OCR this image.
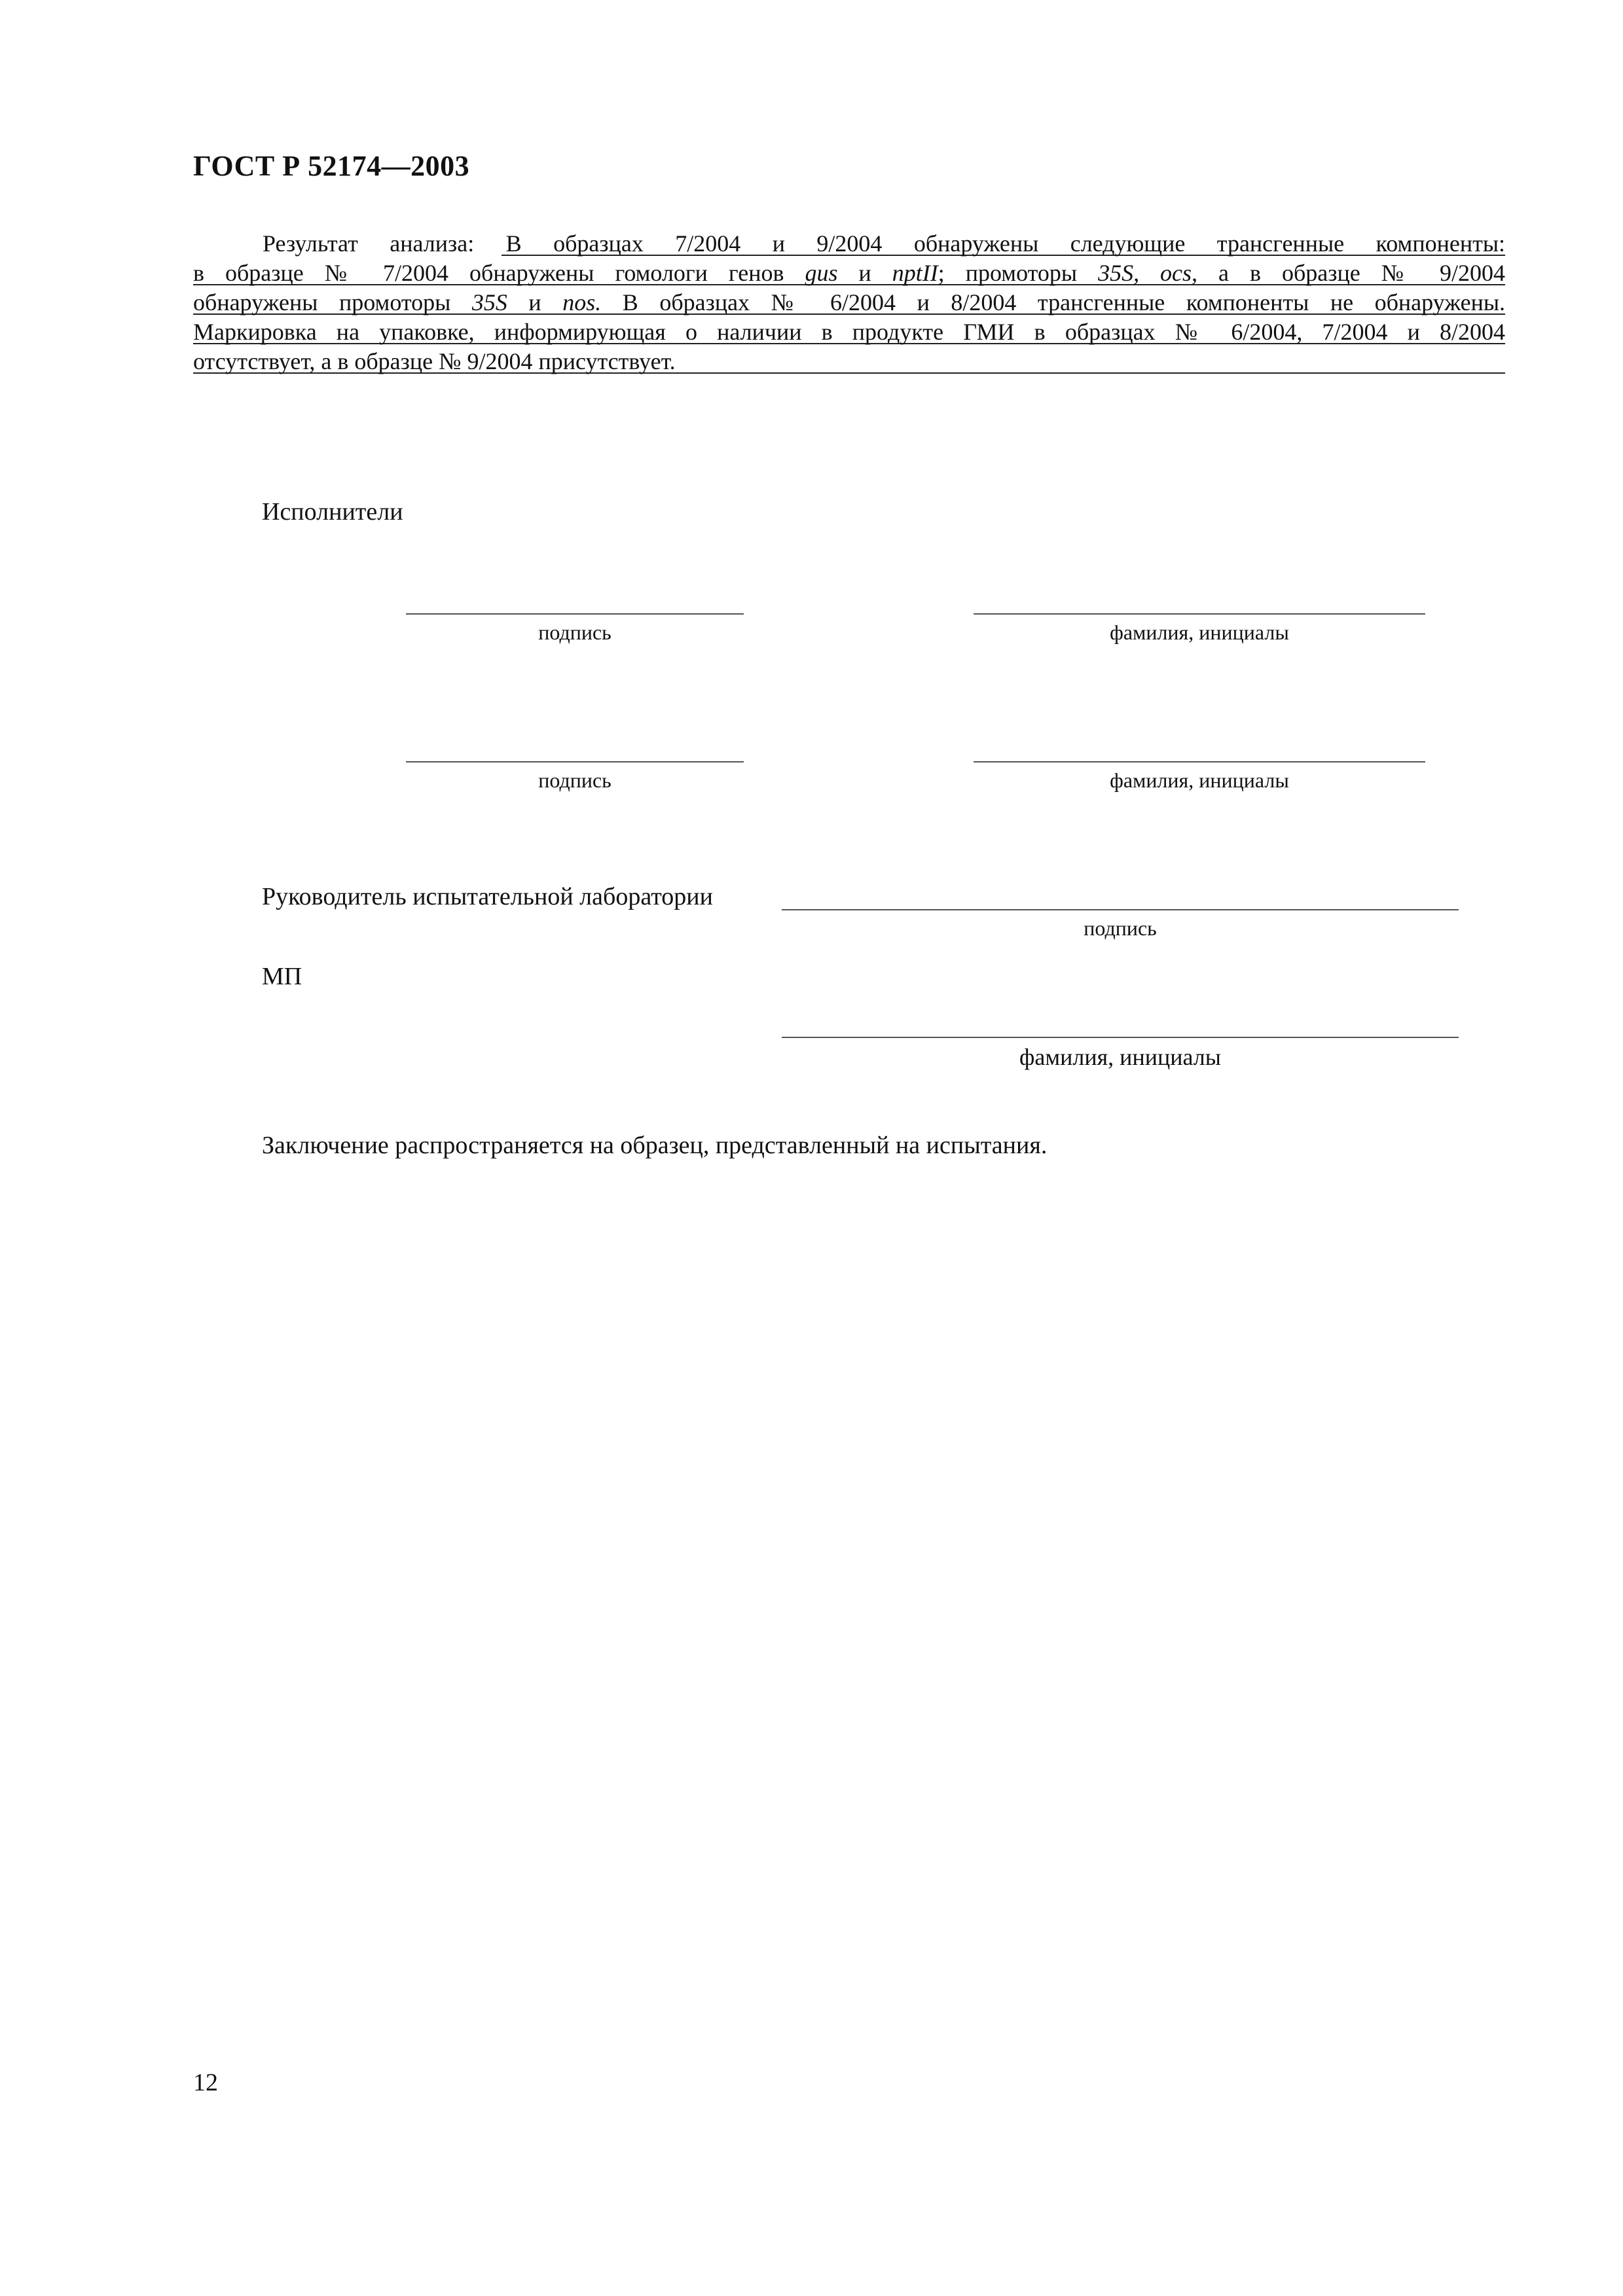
ГОСТ Р 52174—2003
Результат анализа: В образцах 7/2004 и 9/2004 обнаружены следующие трансгенные компоненты:
в образце № 7/2004 обнаружены гомологи генов gus и nptII; промоторы 35S, ocs, а в образце № 9/2004
обнаружены промоторы 35S и nos. В образцах № 6/2004 и 8/2004 трансгенные компоненты не обнаружены.
Маркировка на упаковке, информирующая о наличии в продукте ГМИ в образцах № 6/2004, 7/2004 и 8/2004
отсутствует, а в образце № 9/2004 присутствует.
Исполнители
подпись	фамилия, инициалы
подпись	фамилия, инициалы
Руководитель испытательной лаборатории
подпись
МП
фамилия, инициалы
Заключение распространяется на образец, представленный на испытания.
12
